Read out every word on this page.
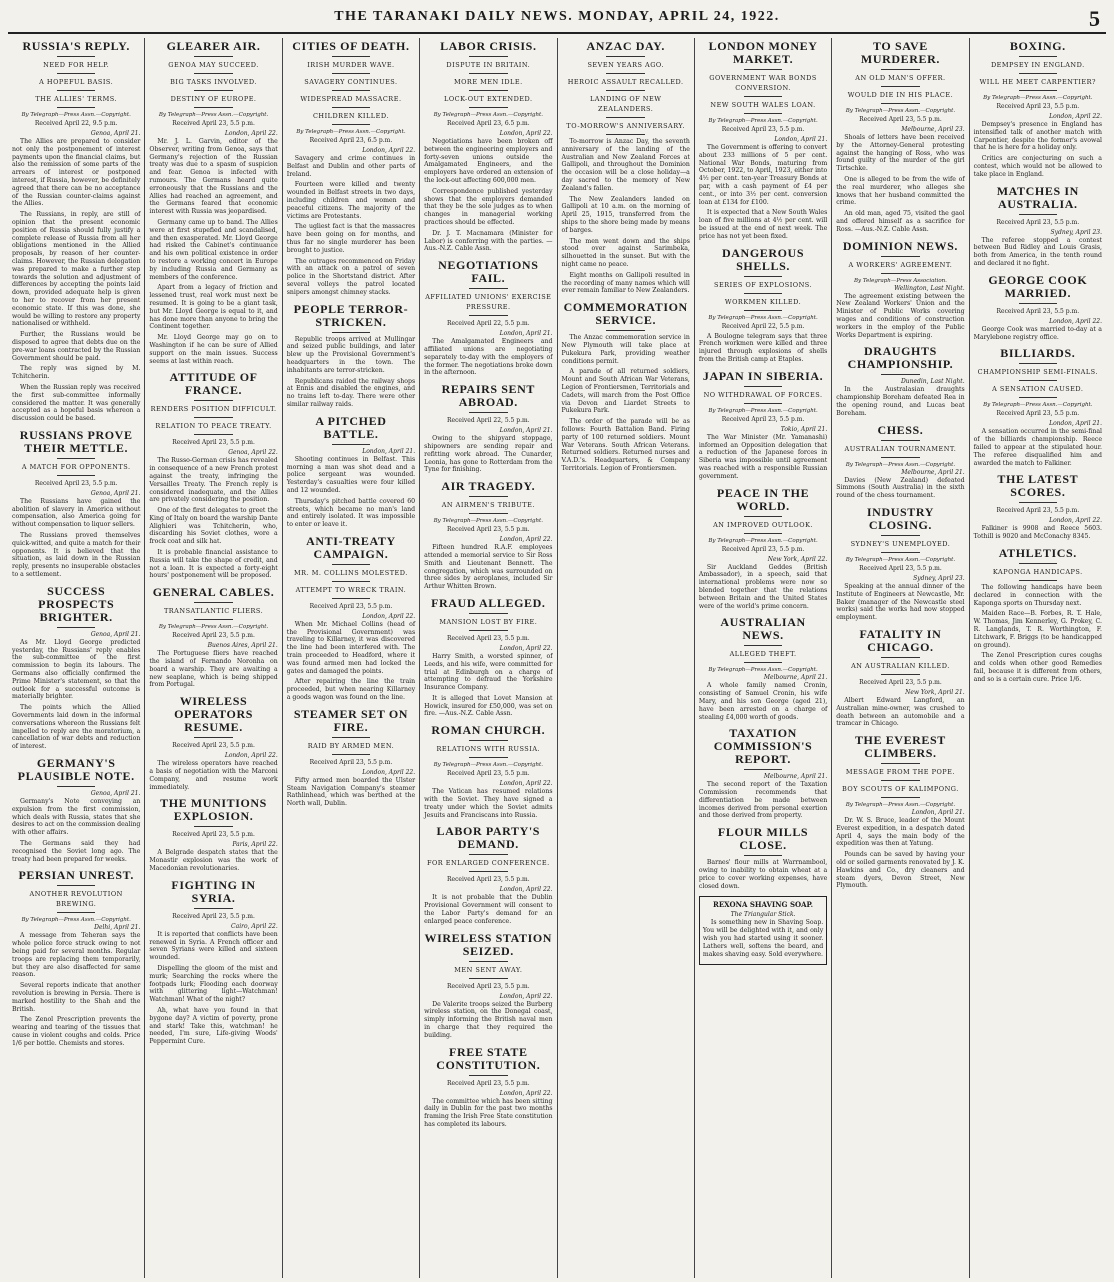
THE TARANAKI DAILY NEWS. MONDAY, APRIL 24, 1922.	5
RUSSIA'S REPLY.
NEED FOR HELP.
A HOPEFUL BASIS.
THE ALLIES' TERMS.
By Telegraph—Press Assn.—Copyright.
Received April 22, 9.5 p.m.
Genoa, April 21.

The Allies are prepared to consider not only the postponement of interest payments upon the financial claims, but also the remission of some parts of the arrears of interest or postponed interest, if Russia, however, be definitely agreed that there can be no acceptance of the Russian counter-claims against the Allies.

The Russians, in reply, are still of opinion that the present economic position of Russia should fully justify a complete release of Russia from all her obligations mentioned in the Allied proposals, by reason of her counter-claims. However, the Russian delegation was prepared to make a further step towards the solution and adjustment of differences by accepting the points laid down, provided adequate help is given to her to recover from her present economic state. If this was done, she would be willing to restore any property nationalised or withheld.

Further, the Russians would be disposed to agree that debts due on the pre-war loans contracted by the Russian Government should be paid.

The reply was signed by M. Tchitcherin.

When the Russian reply was received the first sub-committee informally considered the matter. It was generally accepted as a hopeful basis whereon a discussion could be based.

RUSSIANS PROVE THEIR METTLE.
A MATCH FOR OPPONENTS.
Received April 23, 5.5 p.m.
Genoa, April 21.

The Russians have gained the abolition of slavery in America without compensation, also America going for without compensation to liquor sellers.

The Russians proved themselves quick-witted, and quite a match for their opponents. It is believed that the situation, as laid down in the Russian reply, presents no insuperable obstacles to a settlement.

SUCCESS PROSPECTS BRIGHTER.
Genoa, April 21.

As Mr. Lloyd George predicted yesterday, the Russians' reply enables the sub-committee of the first commission to begin its labours. The Germans also officially confirmed the Prime Minister's statement, so that the outlook for a successful outcome is materially brighter.

The points which the Allied Governments laid down in the informal conversations whereon the Russians felt impelled to reply are the moratorium, a cancellation of war debts and reduction of interest.

GERMANY'S PLAUSIBLE NOTE.
Genoa, April 21.

Germany's Note conveying an expulsion from the first commission, which deals with Russia, states that she desires to act on the commission dealing with other affairs.

The Germans said they had recognised the Soviet long ago. The treaty had been prepared for weeks.

PERSIAN UNREST.
ANOTHER REVOLUTION BREWING.
By Telegraph—Press Assn.—Copyright.
Delhi, April 21.

A message from Teheran says the whole police force struck owing to not being paid for several months. Regular troops are replacing them temporarily, but they are also disaffected for same reason.

Several reports indicate that another revolution is brewing in Persia. There is marked hostility to the Shah and the British.

The Zenol Prescription prevents the wearing and tearing of the tissues that cause in violent coughs and colds. Price 1/6 per bottle. Chemists and stores.

GLEARER AIR.
GENOA MAY SUCCEED.
BIG TASKS INVOLVED.
DESTINY OF EUROPE.
By Telegraph—Press Assn.—Copyright.
Received April 23, 5.5 p.m.
London, April 22.

Mr. J. L. Garvin, editor of the Observer, writing from Genoa, says that Germany's rejection of the Russian treaty was due to a spasm of suspicion and fear. Genoa is infected with rumours. The Germans heard quite erroneously that the Russians and the Allies had reached an agreement, and the Germans feared that economic interest with Russia was jeopardised.

Germany came up to band. The Allies were at first stupefied and scandalised, and then exasperated. Mr. Lloyd George had risked the Cabinet's continuance and his own political existence in order to restore a working concert in Europe by including Russia and Germany as members of the conference.

Apart from a legacy of friction and lessened trust, real work must next be resumed. It is going to be a giant task, but Mr. Lloyd George is equal to it, and has done more than anyone to bring the Continent together.

Mr. Lloyd George may go on to Washington if he can be sure of Allied support on the main issues. Success seems at last within reach.

ATTITUDE OF FRANCE.
RENDERS POSITION DIFFICULT.
RELATION TO PEACE TREATY.
Received April 23, 5.5 p.m.
Genoa, April 22.

The Russo-German crisis has revealed in consequence of a new French protest against the treaty, infringing the Versailles Treaty. The French reply is considered inadequate, and the Allies are privately considering the position.

One of the first delegates to greet the King of Italy on board the warship Dante Alighieri was Tchitcherin, who, discarding his Soviet clothes, wore a frock coat and silk hat.

It is probable financial assistance to Russia will take the shape of credit, and not a loan. It is expected a forty-eight hours' postponement will be proposed.

GENERAL CABLES.
TRANSATLANTIC FLIERS.
By Telegraph—Press Assn.—Copyright.
Received April 23, 5.5 p.m.
Buenos Aires, April 21.

The Portuguese fliers have reached the island of Fernando Noronha on board a warship. They are awaiting a new seaplane, which is being shipped from Portugal.

WIRELESS OPERATORS RESUME.
Received April 23, 5.5 p.m.
London, April 22.

The wireless operators have reached a basis of negotiation with the Marconi Company, and resume work immediately.

THE MUNITIONS EXPLOSION.
Received April 23, 5.5 p.m.
Paris, April 22.

A Belgrade despatch states that the Monastir explosion was the work of Macedonian revolutionaries.

FIGHTING IN SYRIA.
Received April 23, 5.5 p.m.
Cairo, April 22.

It is reported that conflicts have been renewed in Syria. A French officer and seven Syrians were killed and sixteen wounded.

Dispelling the gloom of the mist and murk; Searching the rocks where the footpads lurk; Flooding each doorway with glittering light—Watchman! Watchman! What of the night?

Ah, what have you found in that bygone day? A victim of poverty, prone and stark! Take this, watchman! he needed, I'm sure, Life-giving Woods' Peppermint Cure.

CITIES OF DEATH.
IRISH MURDER WAVE.
SAVAGERY CONTINUES.
WIDESPREAD MASSACRE.
CHILDREN KILLED.
By Telegraph—Press Assn.—Copyright.
Received April 23, 6.5 p.m.
London, April 22.

Savagery and crime continues in Belfast and Dublin and other parts of Ireland.

Fourteen were killed and twenty wounded in Belfast streets in two days, including children and women and peaceful citizens. The majority of the victims are Protestants.

The ugliest fact is that the massacres have been going on for months, and thus far no single murderer has been brought to justice.

The outrages recommenced on Friday with an attack on a patrol of seven police in the Shortstand district. After several volleys the patrol located snipers amongst chimney stacks.

PEOPLE TERROR-STRICKEN.

Republic troops arrived at Mullingar and seized public buildings, and later blew up the Provisional Government's headquarters in the town. The inhabitants are terror-stricken.

Republicans raided the railway shops at Ennis and disabled the engines, and no trains left to-day. There were other similar railway raids.

A PITCHED BATTLE.
London, April 21.

Shooting continues in Belfast. This morning a man was shot dead and a police sergeant was wounded. Yesterday's casualties were four killed and 12 wounded.

Thursday's pitched battle covered 60 streets, which became no man's land and entirely isolated. It was impossible to enter or leave it.

ANTI-TREATY CAMPAIGN.
MR. M. COLLINS MOLESTED.
ATTEMPT TO WRECK TRAIN.
Received April 23, 5.5 p.m.
London, April 22.

When Mr. Michael Collins (head of the Provisional Government) was traveling to Killarney, it was discovered the line had been interfered with. The train proceeded to Headford, where it was found armed men had locked the gates and damaged the points.

After repairing the line the train proceeded, but when nearing Killarney a goods wagon was found on the line.

STEAMER SET ON FIRE.
RAID BY ARMED MEN.
Received April 23, 5.5 p.m.
London, April 22.

Fifty armed men boarded the Ulster Steam Navigation Company's steamer Rathlinhead, which was berthed at the North wall, Dublin.

LABOR CRISIS.
DISPUTE IN BRITAIN.
MORE MEN IDLE.
LOCK-OUT EXTENDED.
By Telegraph—Press Assn.—Copyright.
Received April 23, 6.5 p.m.
London, April 22.

Negotiations have been broken off between the engineering employers and forty-seven unions outside the Amalgamated Engineers, and the employers have ordered an extension of the lock-out affecting 600,000 men.

Correspondence published yesterday shows that the employers demanded that they be the sole judges as to when changes in managerial working practices should be effected.

Dr. J. T. Macnamara (Minister for Labor) is conferring with the parties. —Aus.-N.Z. Cable Assn.

NEGOTIATIONS FAIL.
AFFILIATED UNIONS' EXERCISE PRESSURE.
Received April 22, 5.5 p.m.
London, April 21.

The Amalgamated Engineers and affiliated unions are negotiating separately to-day with the employers of the former. The negotiations broke down in the afternoon.

REPAIRS SENT ABROAD.
Received April 22, 5.5 p.m.
London, April 21.

Owing to the shipyard stoppage, shipowners are sending repair and refitting work abroad. The Cunarder, Leonia, has gone to Rotterdam from the Tyne for finishing.

AIR TRAGEDY.
AN AIRMEN'S TRIBUTE.
By Telegraph—Press Assn.—Copyright.
Received April 23, 5.5 p.m.
London, April 22.

Fifteen hundred R.A.F. employees attended a memorial service to Sir Ross Smith and Lieutenant Bennett. The congregation, which was surrounded on three sides by aeroplanes, included Sir Arthur Whitten Brown.

FRAUD ALLEGED.
MANSION LOST BY FIRE.
Received April 23, 5.5 p.m.
London, April 22.

Harry Smith, a worsted spinner, of Leeds, and his wife, were committed for trial at Edinburgh on a charge of attempting to defraud the Yorkshire Insurance Company.

It is alleged that Lovet Mansion at Howick, insured for £50,000, was set on fire. —Aus.-N.Z. Cable Assn.

ROMAN CHURCH.
RELATIONS WITH RUSSIA.
By Telegraph—Press Assn.—Copyright.
Received April 23, 5.5 p.m.
London, April 22.

The Vatican has resumed relations with the Soviet. They have signed a treaty under which the Soviet admits Jesuits and Franciscans into Russia.

LABOR PARTY'S DEMAND.
FOR ENLARGED CONFERENCE.
Received April 23, 5.5 p.m.
London, April 22.

It is not probable that the Dublin Provisional Government will consent to the Labor Party's demand for an enlarged peace conference.

WIRELESS STATION SEIZED.
MEN SENT AWAY.
Received April 23, 5.5 p.m.
London, April 22.

De Valerite troops seized the Burberg wireless station, on the Donegal coast, simply informing the British naval men in charge that they required the building.

FREE STATE CONSTITUTION.
Received April 23, 5.5 p.m.
London, April 22.

The committee which has been sitting daily in Dublin for the past two months framing the Irish Free State constitution has completed its labours.

ANZAC DAY.
SEVEN YEARS AGO.
HEROIC ASSAULT RECALLED.
LANDING OF NEW ZEALANDERS.
TO-MORROW'S ANNIVERSARY.

To-morrow is Anzac Day, the seventh anniversary of the landing of the Australian and New Zealand Forces at Gallipoli, and throughout the Dominion the occasion will be a close holiday—a day sacred to the memory of New Zealand's fallen.

The New Zealanders landed on Gallipoli at 10 a.m. on the morning of April 25, 1915, transferred from the ships to the shore being made by means of barges.

The men went down and the ships stood over against Sarimbeka, silhouetted in the sunset. But with the night came no peace.

Eight months on Gallipoli resulted in the recording of many names which will ever remain familiar to New Zealanders.

COMMEMORATION SERVICE.

The Anzac commemoration service in New Plymouth will take place at Pukekura Park, providing weather conditions permit.

A parade of all returned soldiers, Mount and South African War Veterans, Legion of Frontiersmen, Territorials and Cadets, will march from the Post Office via Devon and Liardet Streets to Pukekura Park.

The order of the parade will be as follows: Fourth Battalion Band. Firing party of 100 returned soldiers. Mount War Veterans. South African Veterans. Returned soldiers. Returned nurses and V.A.D.'s. Headquarters, & Company Territorials. Legion of Frontiersmen.

LONDON MONEY MARKET.
GOVERNMENT WAR BONDS CONVERSION.
NEW SOUTH WALES LOAN.
By Telegraph—Press Assn.—Copyright.
Received April 23, 5.5 p.m.
London, April 21.

The Government is offering to convert about 233 millions of 5 per cent. National War Bonds, maturing from October, 1922, to April, 1923, either into 4½ per cent. ten-year Treasury Bonds at par, with a cash payment of £4 per cent., or into 3½ per cent. conversion loan at £134 for £100.

It is expected that a New South Wales loan of five millions at 4½ per cent. will be issued at the end of next week. The price has not yet been fixed.

DANGEROUS SHELLS.
SERIES OF EXPLOSIONS.
WORKMEN KILLED.
By Telegraph—Press Assn.—Copyright.
Received April 22, 5.5 p.m.

A Boulogne telegram says that three French workmen were killed and three injured through explosions of shells from the British camp at Etaples.

JAPAN IN SIBERIA.
NO WITHDRAWAL OF FORCES.
By Telegraph—Press Assn.—Copyright.
Received April 23, 5.5 p.m.
Tokio, April 21.

The War Minister (Mr. Yamanashi) informed an Opposition delegation that a reduction of the Japanese forces in Siberia was impossible until agreement was reached with a responsible Russian government.

PEACE IN THE WORLD.
AN IMPROVED OUTLOOK.
By Telegraph—Press Assn.—Copyright.
Received April 23, 5.5 p.m.
New York, April 22.

Sir Auckland Geddes (British Ambassador), in a speech, said that international problems were now so blended together that the relations between Britain and the United States were of the world's prime concern.

AUSTRALIAN NEWS.
ALLEGED THEFT.
By Telegraph—Press Assn.—Copyright.
Melbourne, April 21.

A whole family named Cronin, consisting of Samuel Cronin, his wife Mary, and his son George (aged 21), have been arrested on a charge of stealing £4,000 worth of goods.

TAXATION COMMISSION'S REPORT.
Melbourne, April 21.

The second report of the Taxation Commission recommends that differentiation be made between incomes derived from personal exertion and those derived from property.

FLOUR MILLS CLOSE.

Barnes' flour mills at Warrnambool, owing to inability to obtain wheat at a price to cover working expenses, have closed down.

REXONA SHAVING SOAP.
The Triangular Stick.

Is something new in Shaving Soap. You will be delighted with it, and only wish you had started using it sooner. Lathers well, softens the beard, and makes shaving easy. Sold everywhere.

TO SAVE MURDERER.
AN OLD MAN'S OFFER.
WOULD DIE IN HIS PLACE.
By Telegraph—Press Assn.—Copyright.
Received April 23, 5.5 p.m.
Melbourne, April 23.

Shoals of letters have been received by the Attorney-General protesting against the hanging of Ross, who was found guilty of the murder of the girl Tirtschke.

One is alleged to be from the wife of the real murderer, who alleges she knows that her husband committed the crime.

An old man, aged 75, visited the gaol and offered himself as a sacrifice for Ross. —Aus.-N.Z. Cable Assn.

DOMINION NEWS.
A WORKERS' AGREEMENT.
By Telegraph—Press Association.
Wellington, Last Night.

The agreement existing between the New Zealand Workers' Union and the Minister of Public Works covering wages and conditions of construction workers in the employ of the Public Works Department is expiring.

DRAUGHTS CHAMPIONSHIP.
Dunedin, Last Night.

In the Australasian draughts championship Boreham defeated Rea in the opening round, and Lucas beat Boreham.

CHESS.
AUSTRALIAN TOURNAMENT.
By Telegraph—Press Assn.—Copyright.
Melbourne, April 21.

Davies (New Zealand) defeated Simmons (South Australia) in the sixth round of the chess tournament.

INDUSTRY CLOSING.
SYDNEY'S UNEMPLOYED.
By Telegraph—Press Assn.—Copyright.
Received April 23, 5.5 p.m.
Sydney, April 23.

Speaking at the annual dinner of the Institute of Engineers at Newcastle, Mr. Baker (manager of the Newcastle steel works) said the works had now stopped employment.

FATALITY IN CHICAGO.
AN AUSTRALIAN KILLED.
Received April 23, 5.5 p.m.
New York, April 21.

Albert Edward Langford, an Australian mine-owner, was crushed to death between an automobile and a tramcar in Chicago.

THE EVEREST CLIMBERS.
MESSAGE FROM THE POPE.
BOY SCOUTS OF KALIMPONG.
By Telegraph—Press Assn.—Copyright.
London, April 21.

Dr. W. S. Bruce, leader of the Mount Everest expedition, in a despatch dated April 4, says the main body of the expedition was then at Yatung.

Pounds can be saved by having your old or soiled garments renovated by J. K. Hawkins and Co., dry cleaners and steam dyers, Devon Street, New Plymouth.

BOXING.
DEMPSEY IN ENGLAND.
WILL HE MEET CARPENTIER?
By Telegraph—Press Assn.—Copyright.
Received April 23, 5.5 p.m.
London, April 22.

Dempsey's presence in England has intensified talk of another match with Carpentier, despite the former's avowal that he is here for a holiday only.

Critics are conjecturing on such a contest, which would not be allowed to take place in England.

MATCHES IN AUSTRALIA.
Received April 23, 5.5 p.m.
Sydney, April 23.

The referee stopped a contest between Bud Ridley and Louis Grasis, both from America, in the tenth round and declared it no fight.

GEORGE COOK MARRIED.
Received April 23, 5.5 p.m.
London, April 22.

George Cook was married to-day at a Marylebone registry office.

BILLIARDS.
CHAMPIONSHIP SEMI-FINALS.
A SENSATION CAUSED.
By Telegraph—Press Assn.—Copyright.
Received April 23, 5.5 p.m.
London, April 21.

A sensation occurred in the semi-final of the billiards championship. Reece failed to appear at the stipulated hour. The referee disqualified him and awarded the match to Falkiner.

THE LATEST SCORES.
Received April 23, 5.5 p.m.
London, April 22.

Falkiner is 9908 and Reece 5603. Tothill is 9020 and McConachy 8345.

ATHLETICS.
KAPONGA HANDICAPS.

The following handicaps have been declared in connection with the Kaponga sports on Thursday next.

Maiden Race—B. Forbes, R. T. Hale, W. Thomas, Jim Kennerley, G. Prokey, C. R. Langlands, T. R. Worthington, F. Litchwark, F. Briggs (to be handicapped on ground).

The Zenol Prescription cures coughs and colds when other good Remedies fail, because it is different from others, and so is a certain cure. Price 1/6.
